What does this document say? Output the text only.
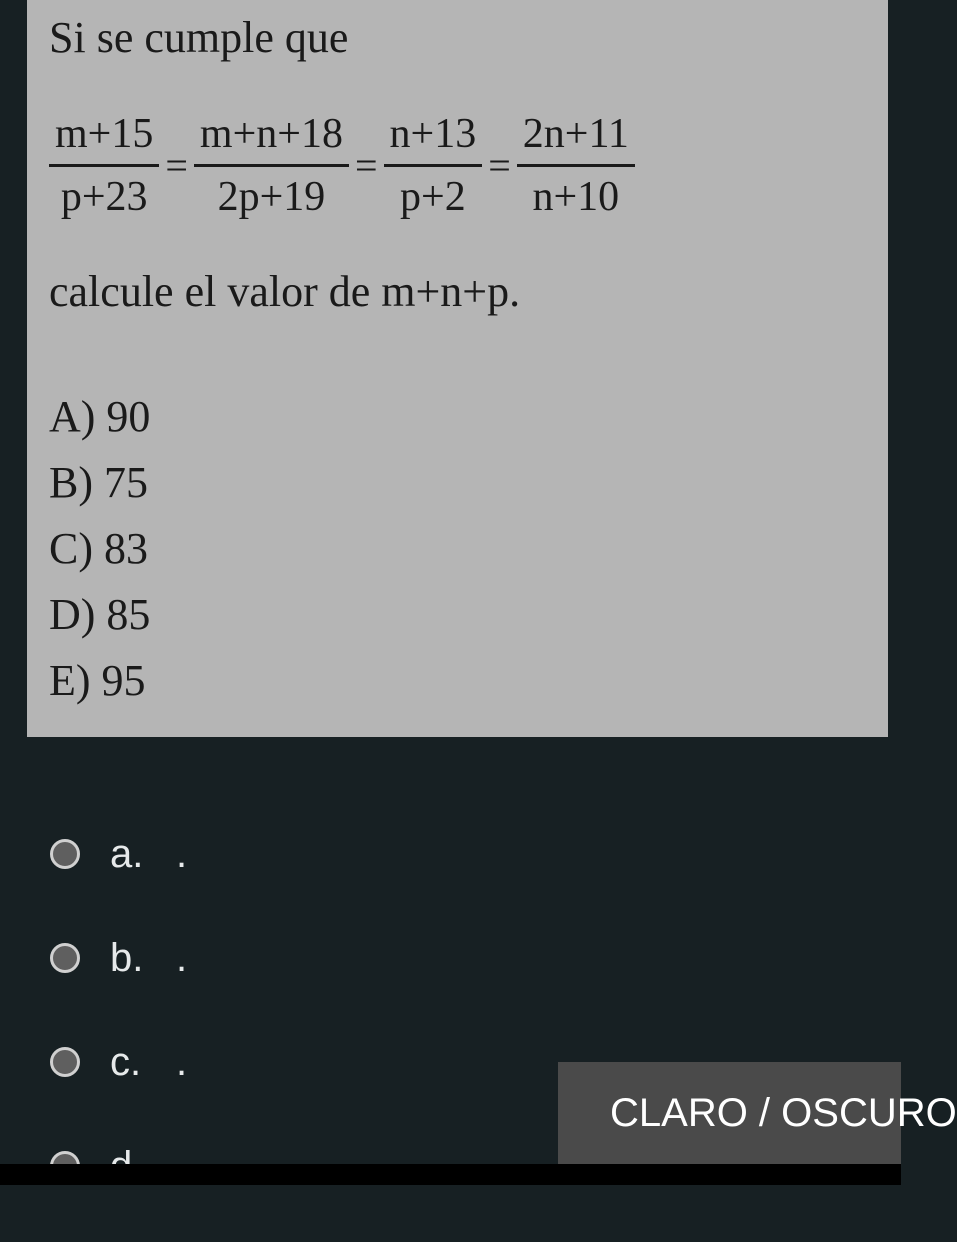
Si se cumple que
$\frac{m+15}{p+23} = \frac{m+n+18}{2p+19} = \frac{n+13}{p+2} = \frac{2n+11}{n+10}$
calcule el valor de m+n+p.
A) 90
B) 75
C) 83
D) 85
E) 95
a. .
b. .
c. .
CLARO / OSCURO
